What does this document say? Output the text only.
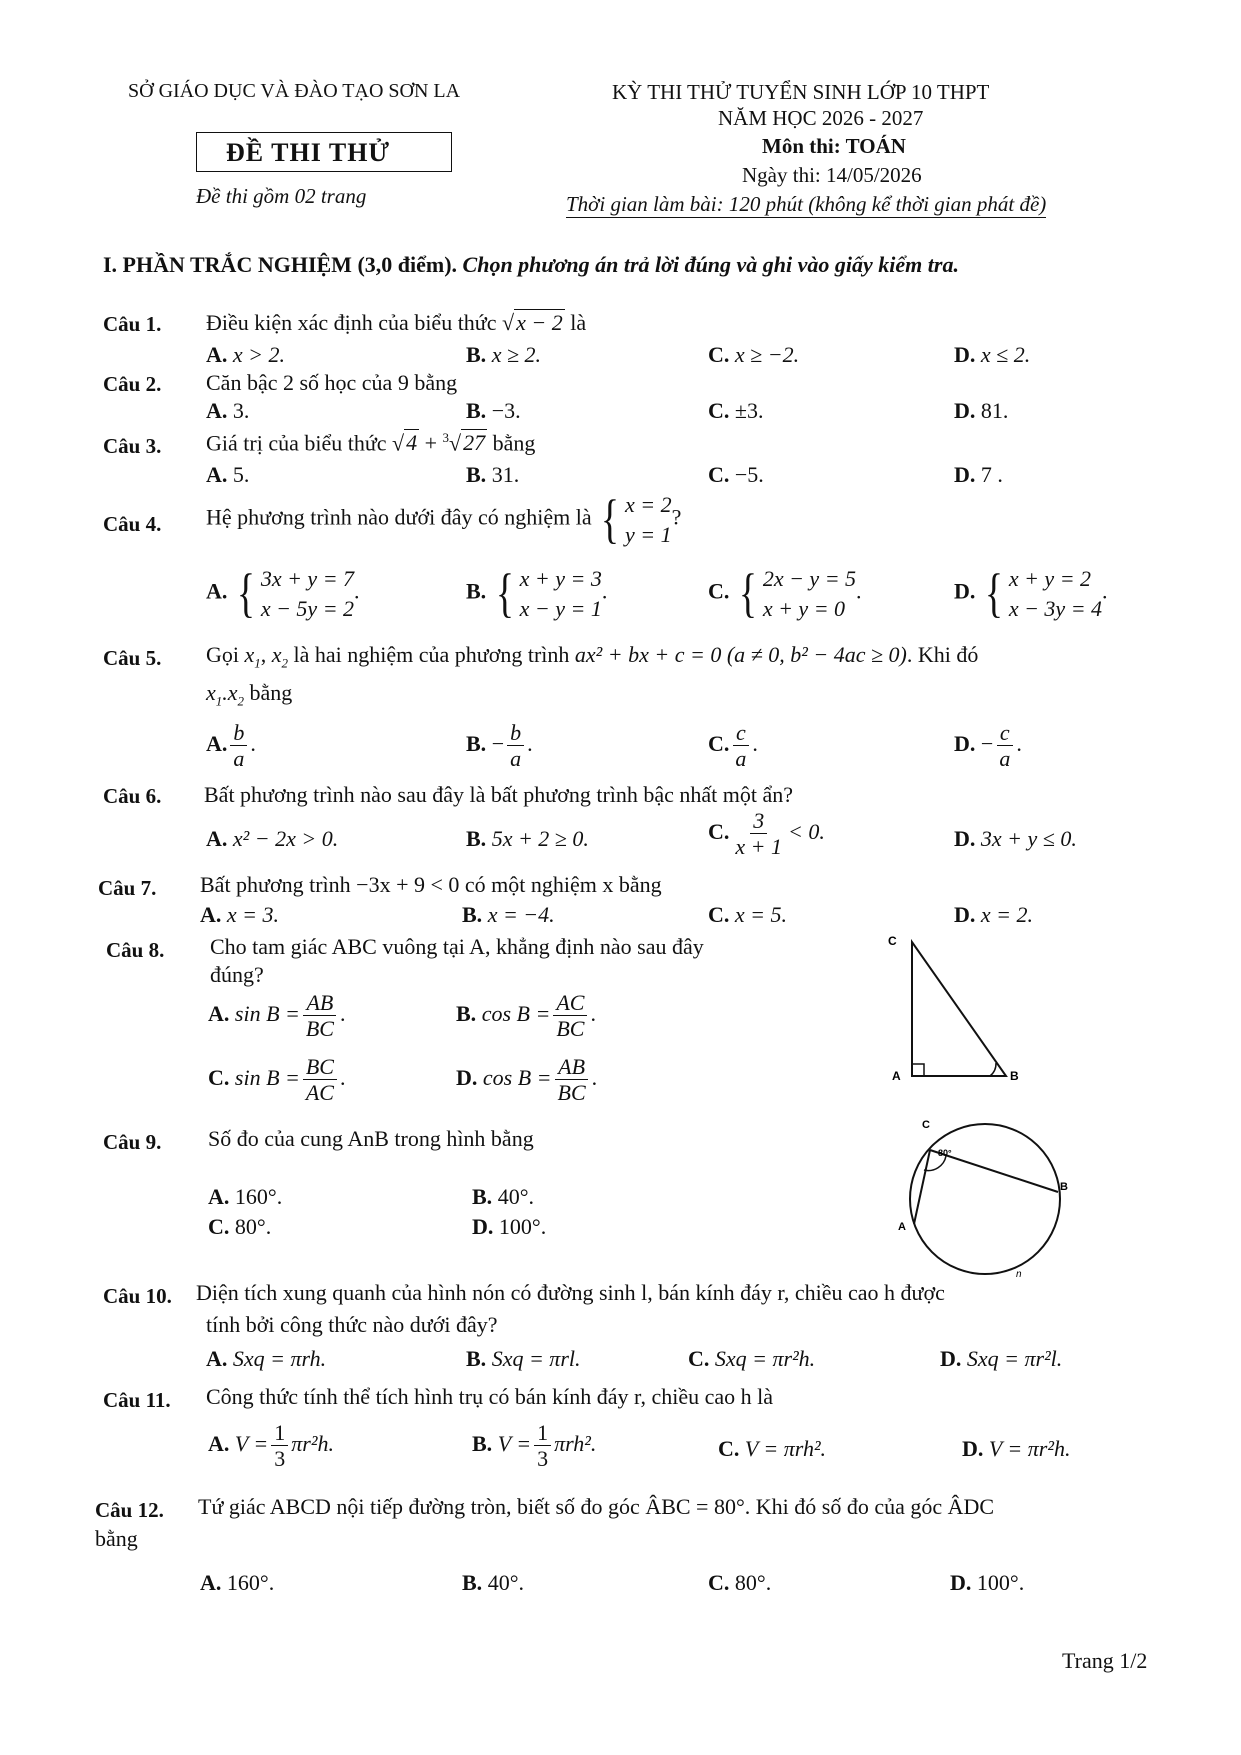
SỞ GIÁO DỤC VÀ ĐÀO TẠO SƠN LA
ĐỀ THI THỬ
Đề thi gồm 02 trang
KỲ THI THỬ TUYỂN SINH LỚP 10 THPT
NĂM HỌC 2026 - 2027
Môn thi: TOÁN
Ngày thi: 14/05/2026
Thời gian làm bài: 120 phút (không kể thời gian phát đề)
I. PHẦN TRẮC NGHIỆM (3,0 điểm). Chọn phương án trả lời đúng và ghi vào giấy kiểm tra.
Câu 1. Điều kiện xác định của biểu thức √x − 2 là
A. x > 2.	B. x ≥ 2.	C. x ≥ −2.	D. x ≤ 2.
Câu 2. Căn bậc 2 số học của 9 bằng
A. 3.	B. −3.	C. ±3.	D. 81.
Câu 3. Giá trị của biểu thức √4 + $^3$√27 bằng
A. 5.	B. 31.	C. −5.	D. 7 .
Câu 4. Hệ phương trình nào dưới đây có nghiệm là { x = 2
y = 1
?
A. { 3x + y = 7
x − 5y = 2
.	B. { x + y = 3
x − y = 1
.	C. { 2x − y = 5
x + y = 0
.	D. { x + y = 2
x − 3y = 4
.
Câu 5. Gọi $x_1$, $x_2$ là hai nghiệm của phương trình ax² + bx + c = 0 (a ≠ 0, b² − 4ac ≥ 0). Khi đó
$x_1.x_2$ bằng
A. $\frac{b}{a}$ .	B. − $\frac{b}{a}$ .	C. $\frac{c}{a}$ .	D. − $\frac{c}{a}$ .
Câu 6. Bất phương trình nào sau đây là bất phương trình bậc nhất một ẩn?
A. x² − 2x > 0.	B. 5x + 2 ≥ 0.	C. $\frac{3}{x + 1} < 0$.	D. 3x + y ≤ 0.
Câu 7. Bất phương trình −3x + 9 < 0 có một nghiệm x bằng
A. x = 3.	B. x = −4.	C. x = 5.	D. x = 2.
Câu 8. Cho tam giác ABC vuông tại A, khẳng định nào sau đây
đúng?
A. $\sin B = \frac{AB}{BC}$ .	B. $\cos B = \frac{AC}{BC}$ .
C. $\sin B = \frac{BC}{AC}$ .	D. $\cos B = \frac{AB}{BC}$ .
C
A	B
Câu 9. Số đo của cung AnB trong hình bằng
A. 160°.	B. 40°.
C. 80°.	D. 100°.
C
B
A
n
80°
Câu 10. Diện tích xung quanh của hình nón có đường sinh l, bán kính đáy r, chiều cao h được
tính bởi công thức nào dưới đây?
A. Sxq = πrh.	B. Sxq = πrl.	C. Sxq = πr²h.	D. Sxq = πr²l.
Câu 11. Công thức tính thể tích hình trụ có bán kính đáy r, chiều cao h là
A. $V = \frac{1}{3} \pi r^2h$.	B. $V = \frac{1}{3} \pi rh^2$.	C. V = πrh².	D. V = πr²h.
Câu 12. Tứ giác ABCD nội tiếp đường tròn, biết số đo góc ÂBC = 80°. Khi đó số đo của góc ÂDC
bằng
A. 160°.	B. 40°.	C. 80°.	D. 100°.
Trang 1/2
